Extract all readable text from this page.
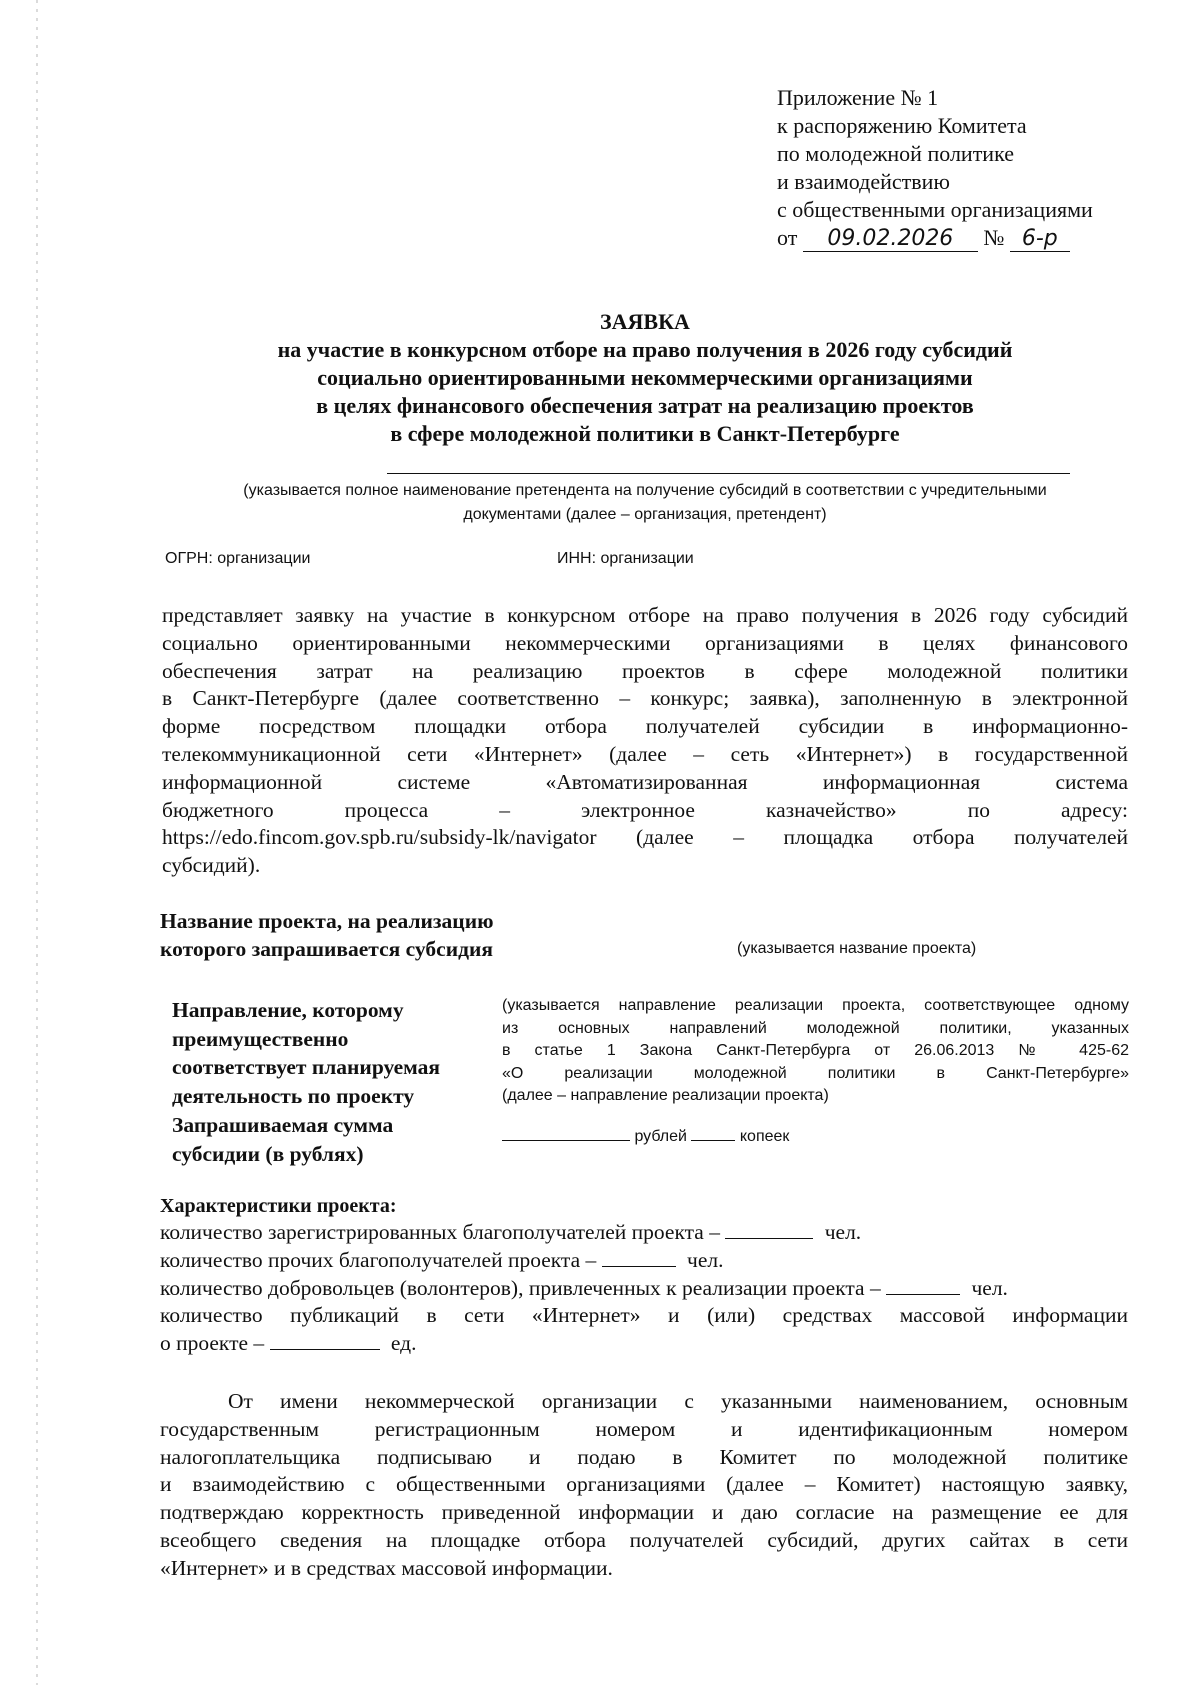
Приложение № 1
к распоряжению Комитета
по молодежной политике
и взаимодействию
с общественными организациями
от 09.02.2026 № 6-р
ЗАЯВКА
на участие в конкурсном отборе на право получения в 2026 году субсидий
социально ориентированными некоммерческими организациями
в целях финансового обеспечения затрат на реализацию проектов
в сфере молодежной политики в Санкт-Петербурге
(указывается полное наименование претендента на получение субсидий в соответствии с учредительными
документами (далее – организация, претендент)
ОГРН: организации	ИНН: организации
представляет заявку на участие в конкурсном отборе на право получения в 2026 году субсидий
социально ориентированными некоммерческими организациями в целях финансового
обеспечения затрат на реализацию проектов в сфере молодежной политики
в Санкт-Петербурге (далее соответственно – конкурс; заявка), заполненную в электронной
форме посредством площадки отбора получателей субсидии в информационно-
телекоммуникационной сети «Интернет» (далее – сеть «Интернет») в государственной
информационной системе «Автоматизированная информационная система
бюджетного процесса – электронное казначейство» по адресу:
https://edo.fincom.gov.spb.ru/subsidy-lk/navigator (далее – площадка отбора получателей
субсидий).
Название проекта, на реализацию
которого запрашивается субсидия	(указывается название проекта)
Направление, которому
преимущественно
соответствует планируемая
деятельность по проекту
(указывается направление реализации проекта, соответствующее одному
из основных направлений молодежной политики, указанных
в статье 1 Закона Санкт-Петербурга от 26.06.2013 № 425-62
«О реализации молодежной политики в Санкт-Петербурге»
(далее – направление реализации проекта)
Запрашиваемая сумма
субсидии (в рублях)
рублей	копеек
Характеристики проекта:
количество зарегистрированных благополучателей проекта –	чел.
количество прочих благополучателей проекта –	чел.
количество добровольцев (волонтеров), привлеченных к реализации проекта –	чел.
количество публикаций в сети «Интернет» и (или) средствах массовой информации
о проекте –	ед.
От имени некоммерческой организации с указанными наименованием, основным
государственным регистрационным номером и идентификационным номером
налогоплательщика подписываю и подаю в Комитет по молодежной политике
и взаимодействию с общественными организациями (далее – Комитет) настоящую заявку,
подтверждаю корректность приведенной информации и даю согласие на размещение ее для
всеобщего сведения на площадке отбора получателей субсидий, других сайтах в сети
«Интернет» и в средствах массовой информации.
